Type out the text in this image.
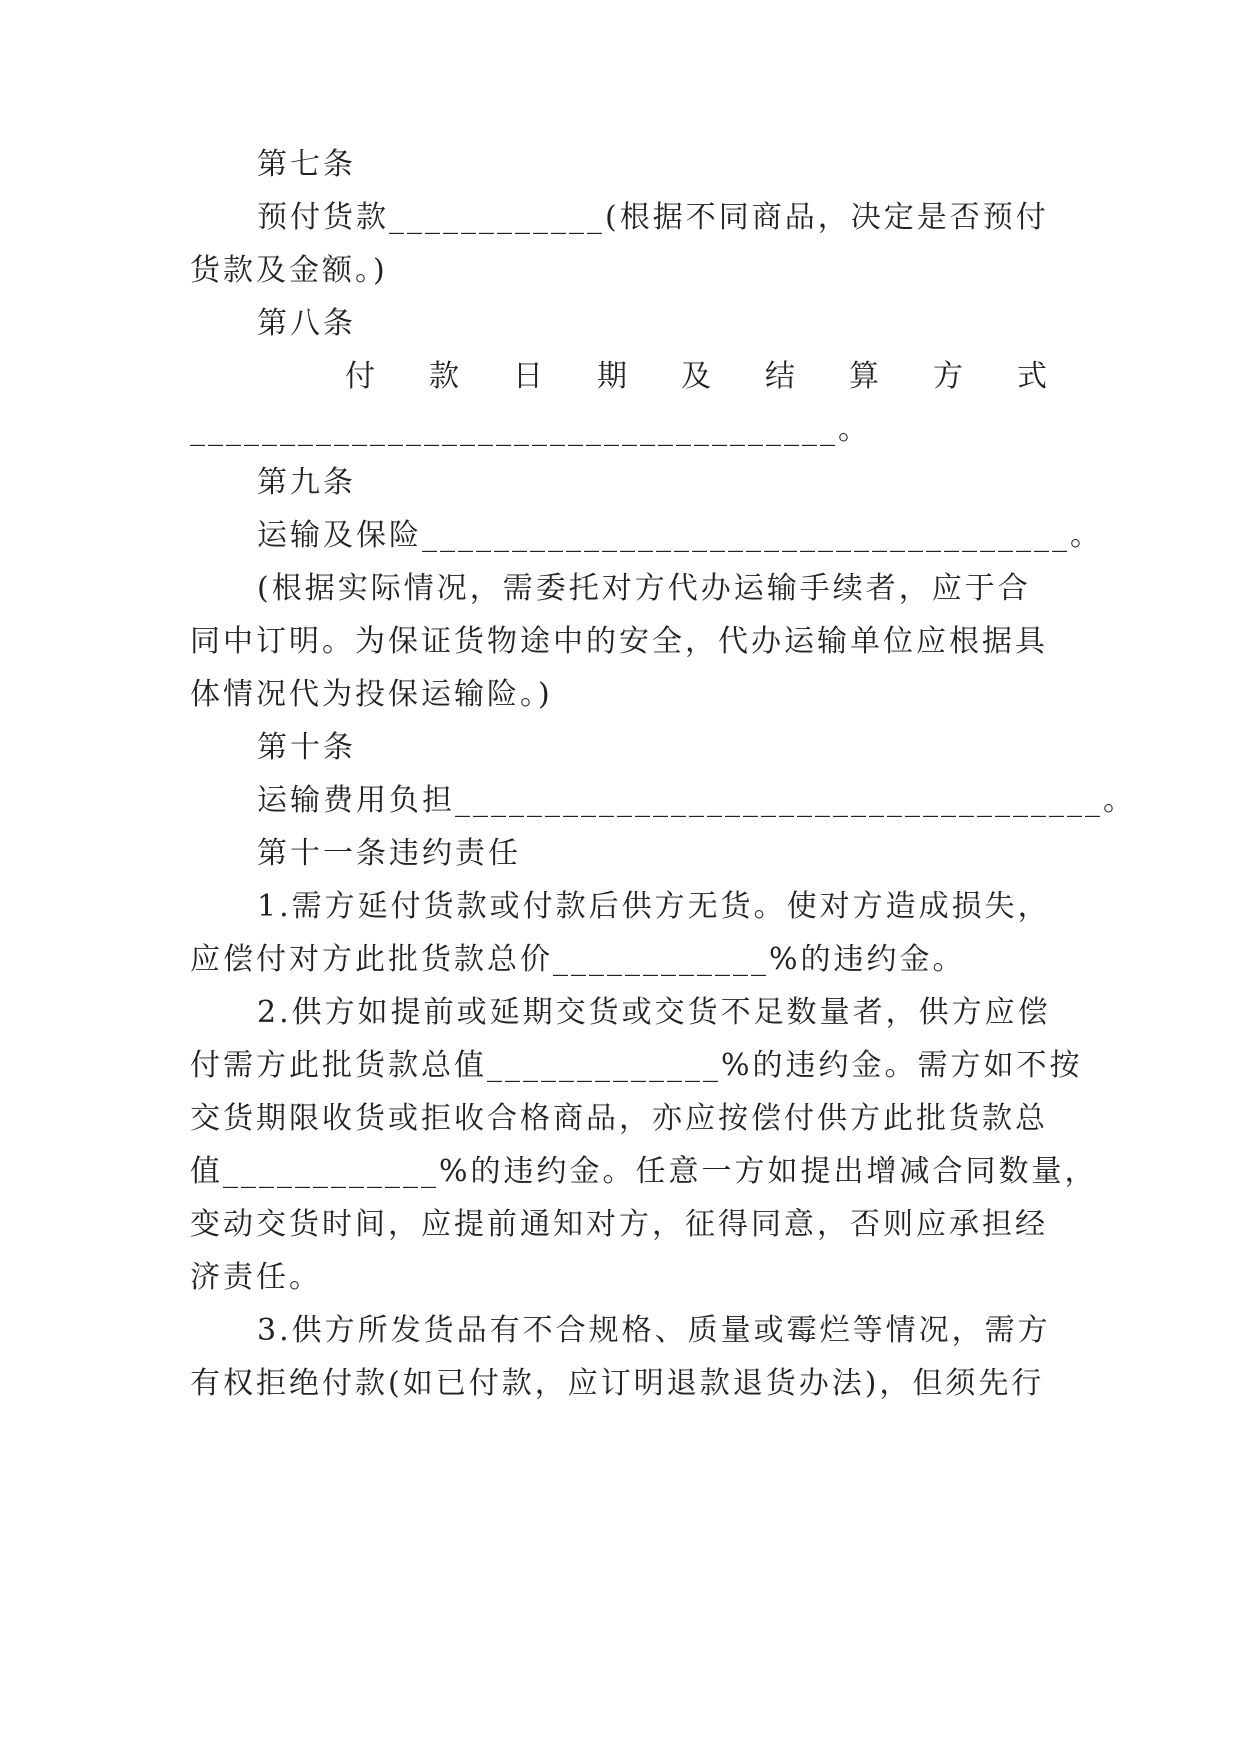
第七条

预付货款____________(根据不同商品，决定是否预付

货款及金额。)

第八条

付 款 日 期 及 结 算 方 式

____________________________________。

第九条

运输及保险____________________________________。

(根据实际情况，需委托对方代办运输手续者，应于合

同中订明。为保证货物途中的安全，代办运输单位应根据具

体情况代为投保运输险。)

第十条

运输费用负担____________________________________。

第十一条违约责任

1.需方延付货款或付款后供方无货。使对方造成损失，

应偿付对方此批货款总价____________%的违约金。

2.供方如提前或延期交货或交货不足数量者，供方应偿

付需方此批货款总值_____________%的违约金。需方如不按

交货期限收货或拒收合格商品，亦应按偿付供方此批货款总

值____________%的违约金。任意一方如提出增减合同数量，

变动交货时间，应提前通知对方，征得同意，否则应承担经

济责任。

3.供方所发货品有不合规格、质量或霉烂等情况，需方

有权拒绝付款(如已付款，应订明退款退货办法)，但须先行
